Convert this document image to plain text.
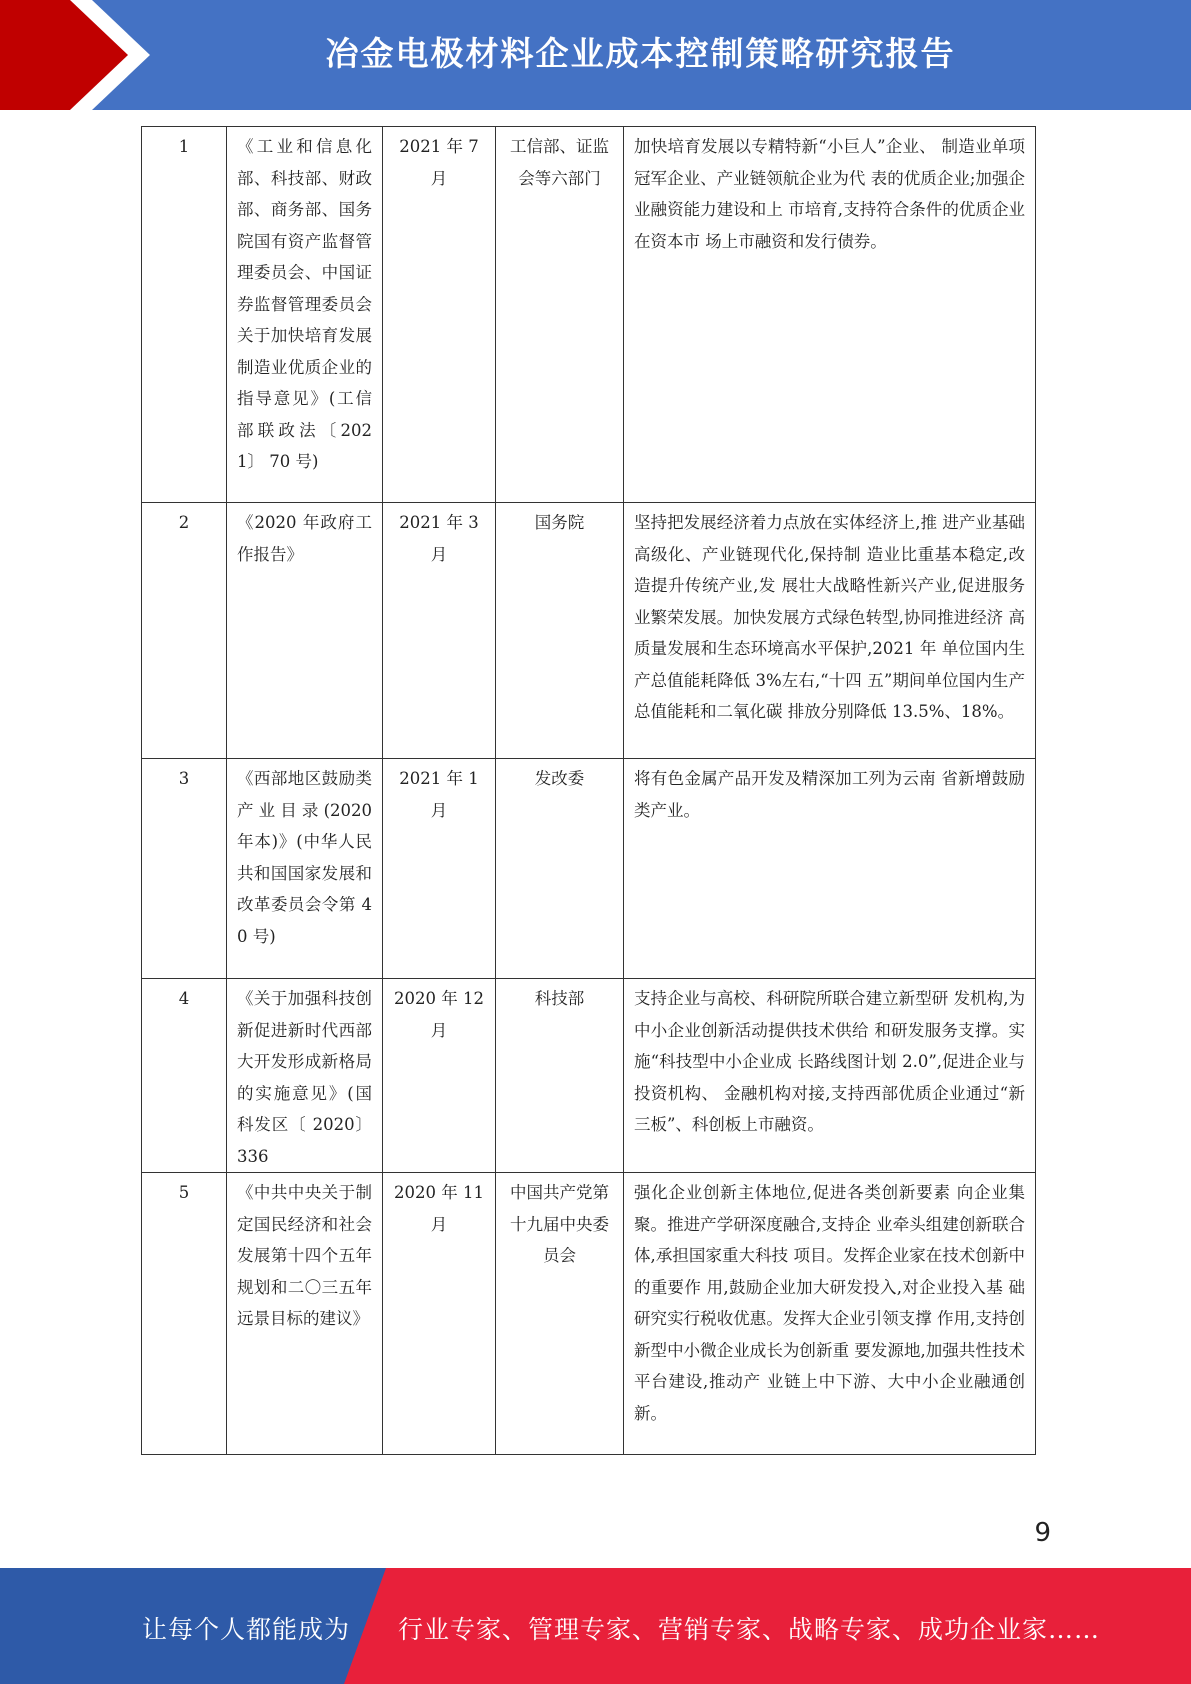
冶金电极材料企业成本控制策略研究报告
1	《工业和信息化部、科技部、财政部、商务部、国务院国有资产监督管理委员会、中国证券监督管理委员会关于加快培育发展制造业优质企业的指导意见》(工信部联政法〔2021〕 70 号)	2021 年 7 月	工信部、证监会等六部门	加快培育发展以专精特新“小巨人”企业、 制造业单项冠军企业、产业链领航企业为代 表的优质企业;加强企业融资能力建设和上 市培育,支持符合条件的优质企业在资本市 场上市融资和发行债券。
2	《2020 年政府工作报告》	2021 年 3 月	国务院	坚持把发展经济着力点放在实体经济上,推 进产业基础高级化、产业链现代化,保持制 造业比重基本稳定,改造提升传统产业,发 展壮大战略性新兴产业,促进服务业繁荣发展。加快发展方式绿色转型,协同推进经济 高质量发展和生态环境高水平保护,2021 年 单位国内生产总值能耗降低 3%左右,“十四 五”期间单位国内生产总值能耗和二氧化碳 排放分别降低 13.5%、18%。
3	《西部地区鼓励类产业目录(2020 年本)》(中华人民共和国国家发展和改革委员会令第 40 号)	2021 年 1 月	发改委	将有色金属产品开发及精深加工列为云南 省新增鼓励类产业。
4	《关于加强科技创新促进新时代西部大开发形成新格局的实施意见》(国科发区〔 2020〕 336	2020 年 12 月	科技部	支持企业与高校、科研院所联合建立新型研 发机构,为中小企业创新活动提供技术供给 和研发服务支撑。实施“科技型中小企业成 长路线图计划 2.0”,促进企业与投资机构、 金融机构对接,支持西部优质企业通过“新 三板”、科创板上市融资。
5	《中共中央关于制定国民经济和社会发展第十四个五年规划和二〇三五年远景目标的建议》	2020 年 11 月	中国共产党第十九届中央委员会	强化企业创新主体地位,促进各类创新要素 向企业集聚。推进产学研深度融合,支持企 业牵头组建创新联合体,承担国家重大科技 项目。发挥企业家在技术创新中的重要作 用,鼓励企业加大研发投入,对企业投入基 础研究实行税收优惠。发挥大企业引领支撑 作用,支持创新型中小微企业成长为创新重 要发源地,加强共性技术平台建设,推动产 业链上中下游、大中小企业融通创新。
9
让每个人都能成为 行业专家、管理专家、营销专家、战略专家、成功企业家……
